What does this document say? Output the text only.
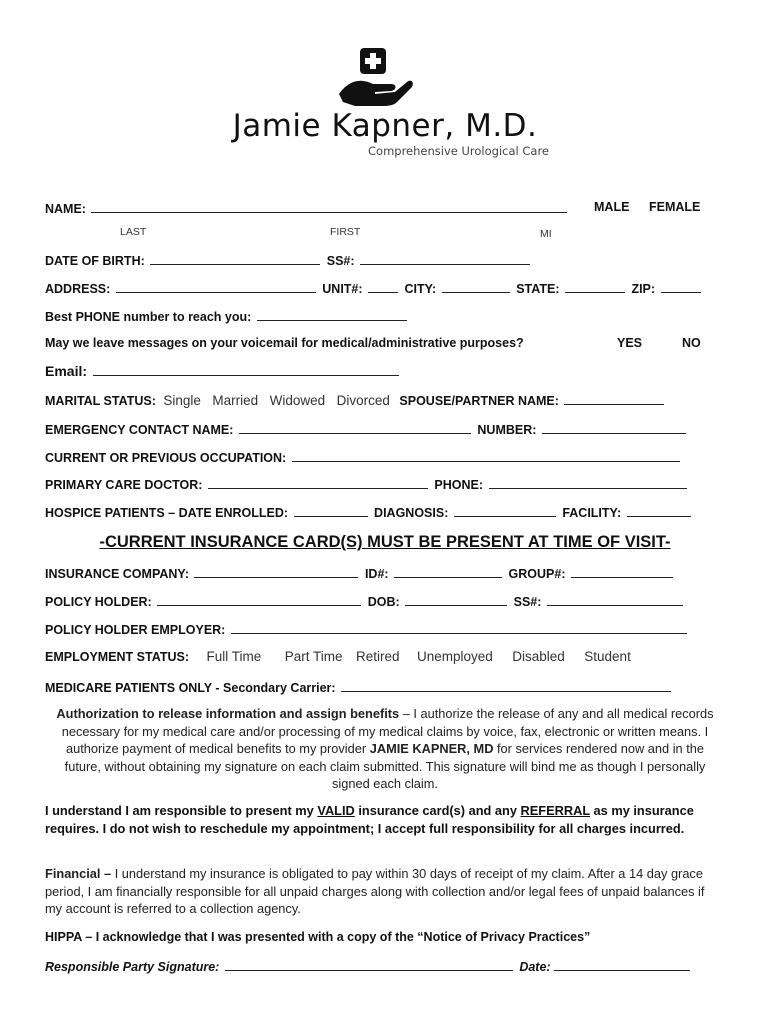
Jamie Kapner, M.D.
Comprehensive Urological Care
NAME:	MALE FEMALE
LAST	FIRST	MI
DATE OF BIRTH:	SS#:
ADDRESS:	UNIT#:	CITY:	STATE:	ZIP:
Best PHONE number to reach you:
May we leave messages on your voicemail for medical/administrative purposes?	YES	NO
Email:
MARITAL STATUS: Single Married Widowed Divorced SPOUSE/PARTNER NAME:
EMERGENCY CONTACT NAME:	NUMBER:
CURRENT OR PREVIOUS OCCUPATION:
PRIMARY CARE DOCTOR:	PHONE:
HOSPICE PATIENTS – DATE ENROLLED:	DIAGNOSIS:	FACILITY:
-CURRENT INSURANCE CARD(S) MUST BE PRESENT AT TIME OF VISIT-
INSURANCE COMPANY:	ID#:	GROUP#:
POLICY HOLDER:	DOB:	SS#:
POLICY HOLDER EMPLOYER:
EMPLOYMENT STATUS: Full Time Part Time Retired Unemployed Disabled Student
MEDICARE PATIENTS ONLY - Secondary Carrier:
Authorization to release information and assign benefits – I authorize the release of any and all medical records necessary for my medical care and/or processing of my medical claims by voice, fax, electronic or written means. I authorize payment of medical benefits to my provider JAMIE KAPNER, MD for services rendered now and in the future, without obtaining my signature on each claim submitted. This signature will bind me as though I personally signed each claim.
I understand I am responsible to present my VALID insurance card(s) and any REFERRAL as my insurance requires. I do not wish to reschedule my appointment; I accept full responsibility for all charges incurred.
Financial – I understand my insurance is obligated to pay within 30 days of receipt of my claim. After a 14 day grace period, I am financially responsible for all unpaid charges along with collection and/or legal fees of unpaid balances if my account is referred to a collection agency.
HIPPA – I acknowledge that I was presented with a copy of the “Notice of Privacy Practices”
Responsible Party Signature:	Date:
